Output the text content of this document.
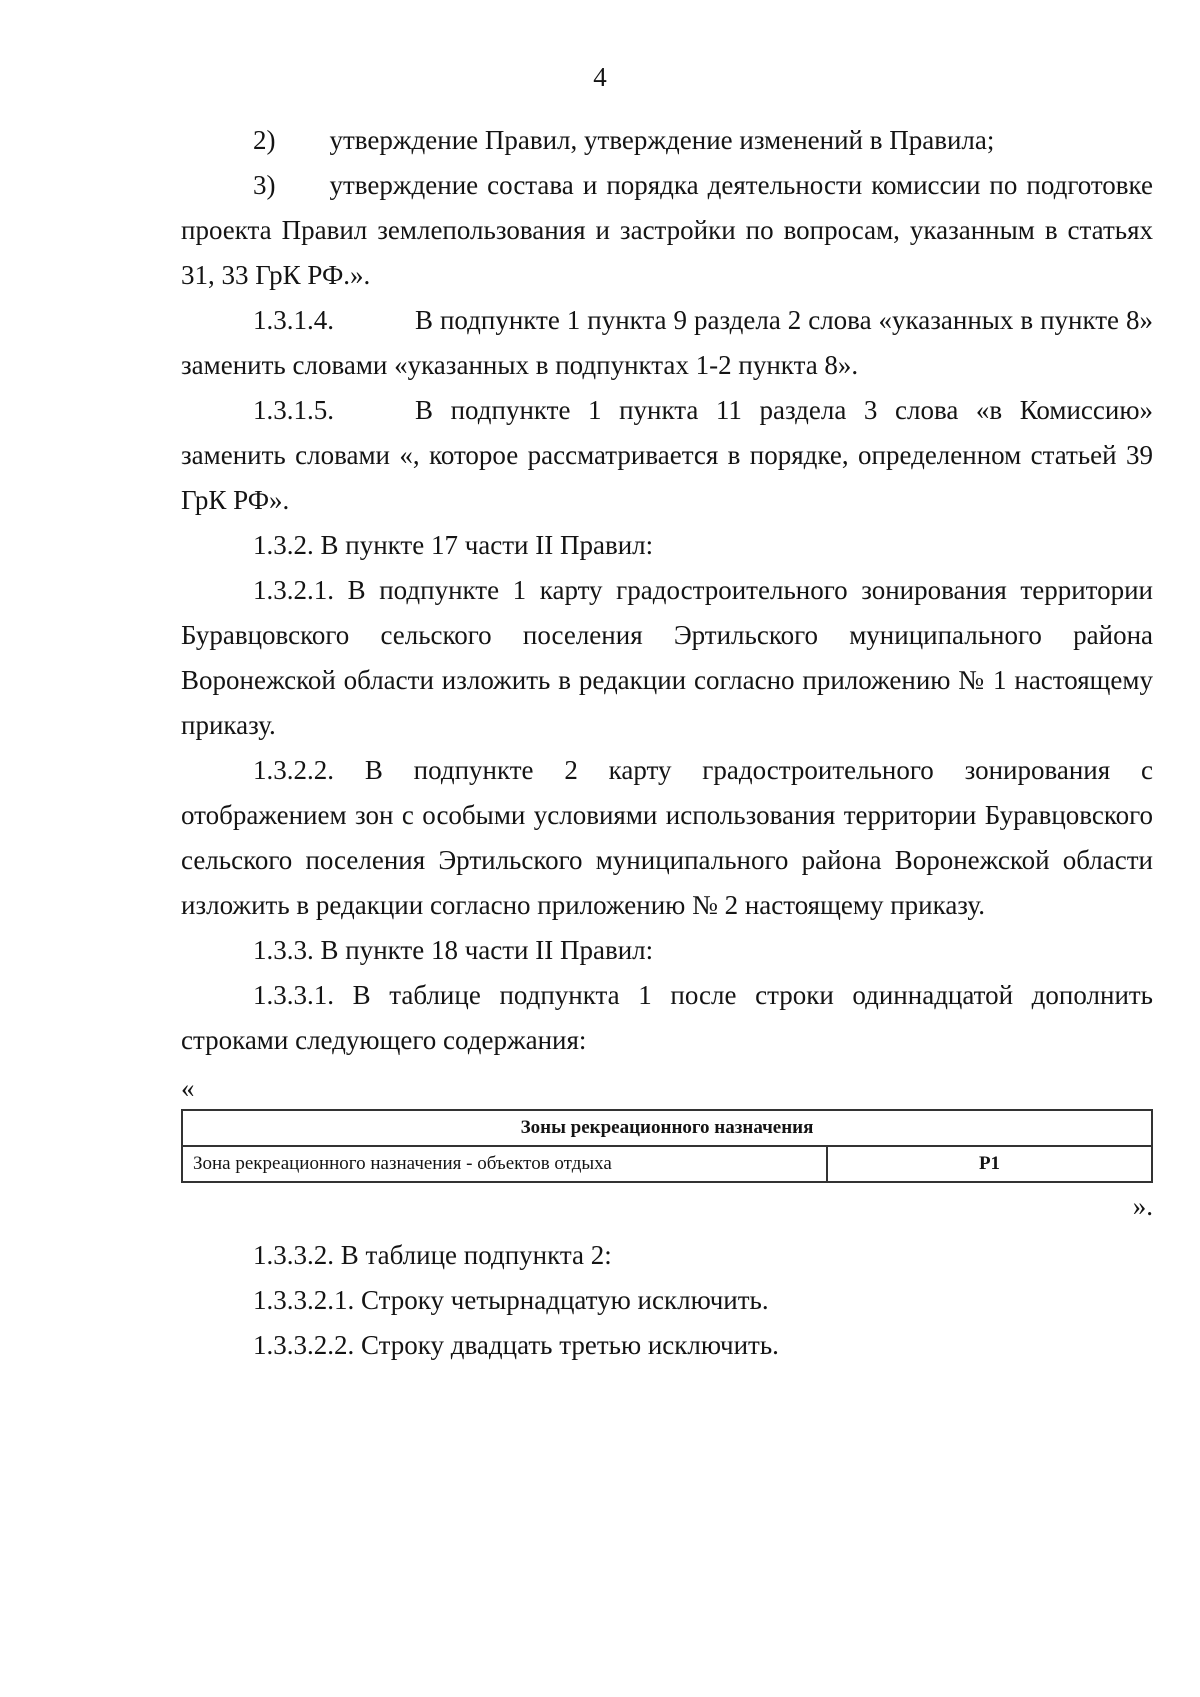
4

2)  утверждение Правил, утверждение изменений в Правила;

3)  утверждение состава и порядка деятельности комиссии по подготовке проекта Правил землепользования и застройки по вопросам, указанным в статьях 31, 33 ГрК РФ.».

1.3.1.4.   В подпункте 1 пункта 9 раздела 2 слова «указанных в пункте 8» заменить словами «указанных в подпунктах 1-2 пункта 8».

1.3.1.5.   В подпункте 1 пункта 11 раздела 3 слова «в Комиссию» заменить словами «, которое рассматривается в порядке, определенном статьей 39 ГрК РФ».

1.3.2. В пункте 17 части II Правил:

1.3.2.1. В подпункте 1 карту градостроительного зонирования территории Буравцовского сельского поселения Эртильского муниципального района Воронежской области изложить в редакции согласно приложению № 1 настоящему приказу.

1.3.2.2. В подпункте 2 карту градостроительного зонирования с отображением зон с особыми условиями использования территории Буравцовского сельского поселения Эртильского муниципального района Воронежской области изложить в редакции согласно приложению № 2 настоящему приказу.

1.3.3. В пункте 18 части II Правил:

1.3.3.1. В таблице подпункта 1 после строки одиннадцатой дополнить строками следующего содержания:

«

Зоны рекреационного назначения
Зона рекреационного назначения - объектов отдыха	Р1

».

1.3.3.2. В таблице подпункта 2:

1.3.3.2.1. Строку четырнадцатую исключить.

1.3.3.2.2. Строку двадцать третью исключить.
